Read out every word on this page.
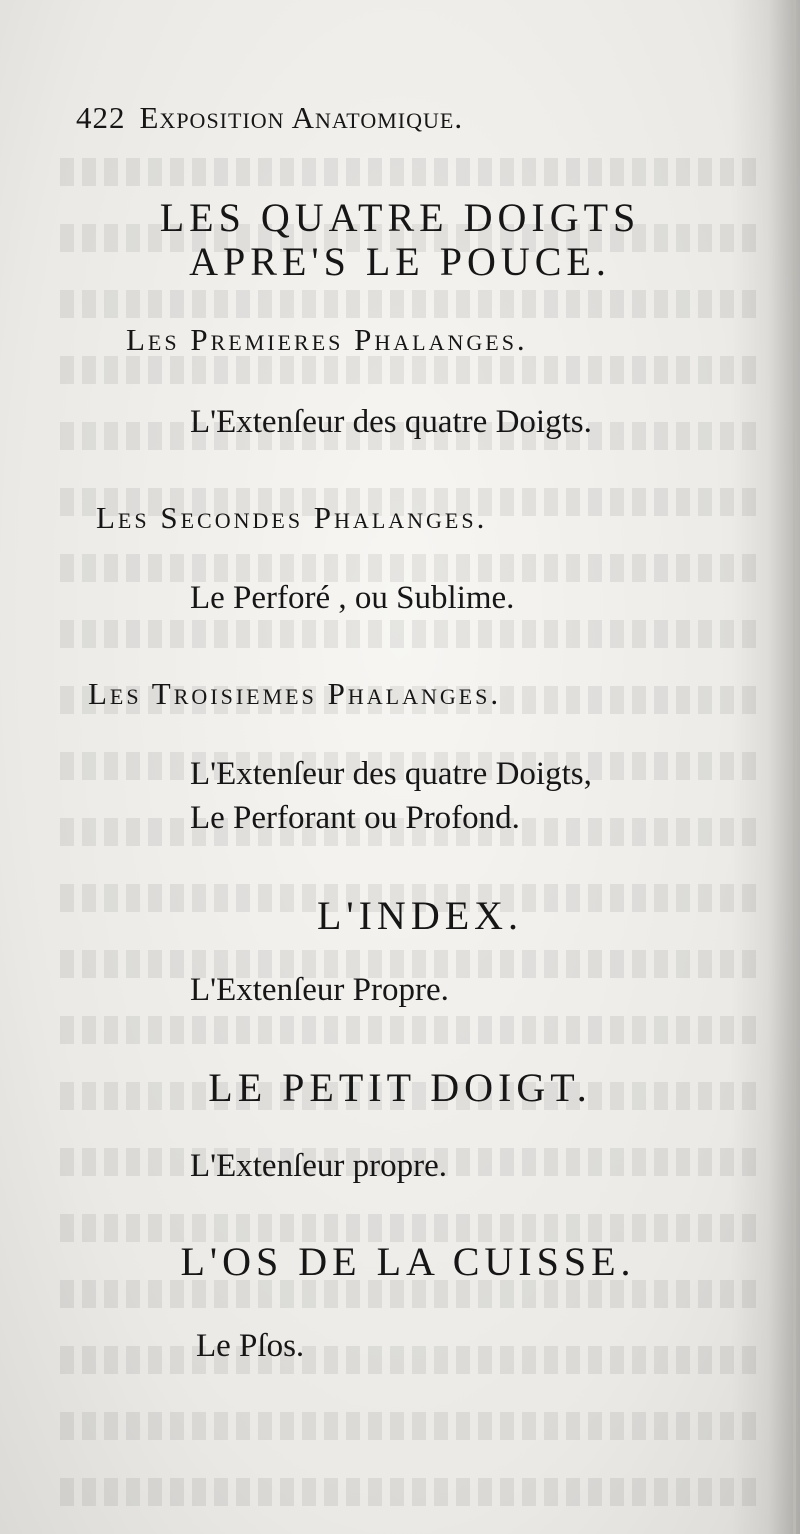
422 Exposition Anatomique.
LES QUATRE DOIGTS
APRE'S LE POUCE.
Les Premieres Phalanges.
L'Extenſeur des quatre Doigts.
Les Secondes Phalanges.
Le Perforé , ou Sublime.
Les Troisiemes Phalanges.
L'Extenſeur des quatre Doigts,
Le Perforant ou Profond.
L'INDEX.
L'Extenſeur Propre.
LE PETIT DOIGT.
L'Extenſeur propre.
L'OS DE LA CUISSE.
Le Pſos.
